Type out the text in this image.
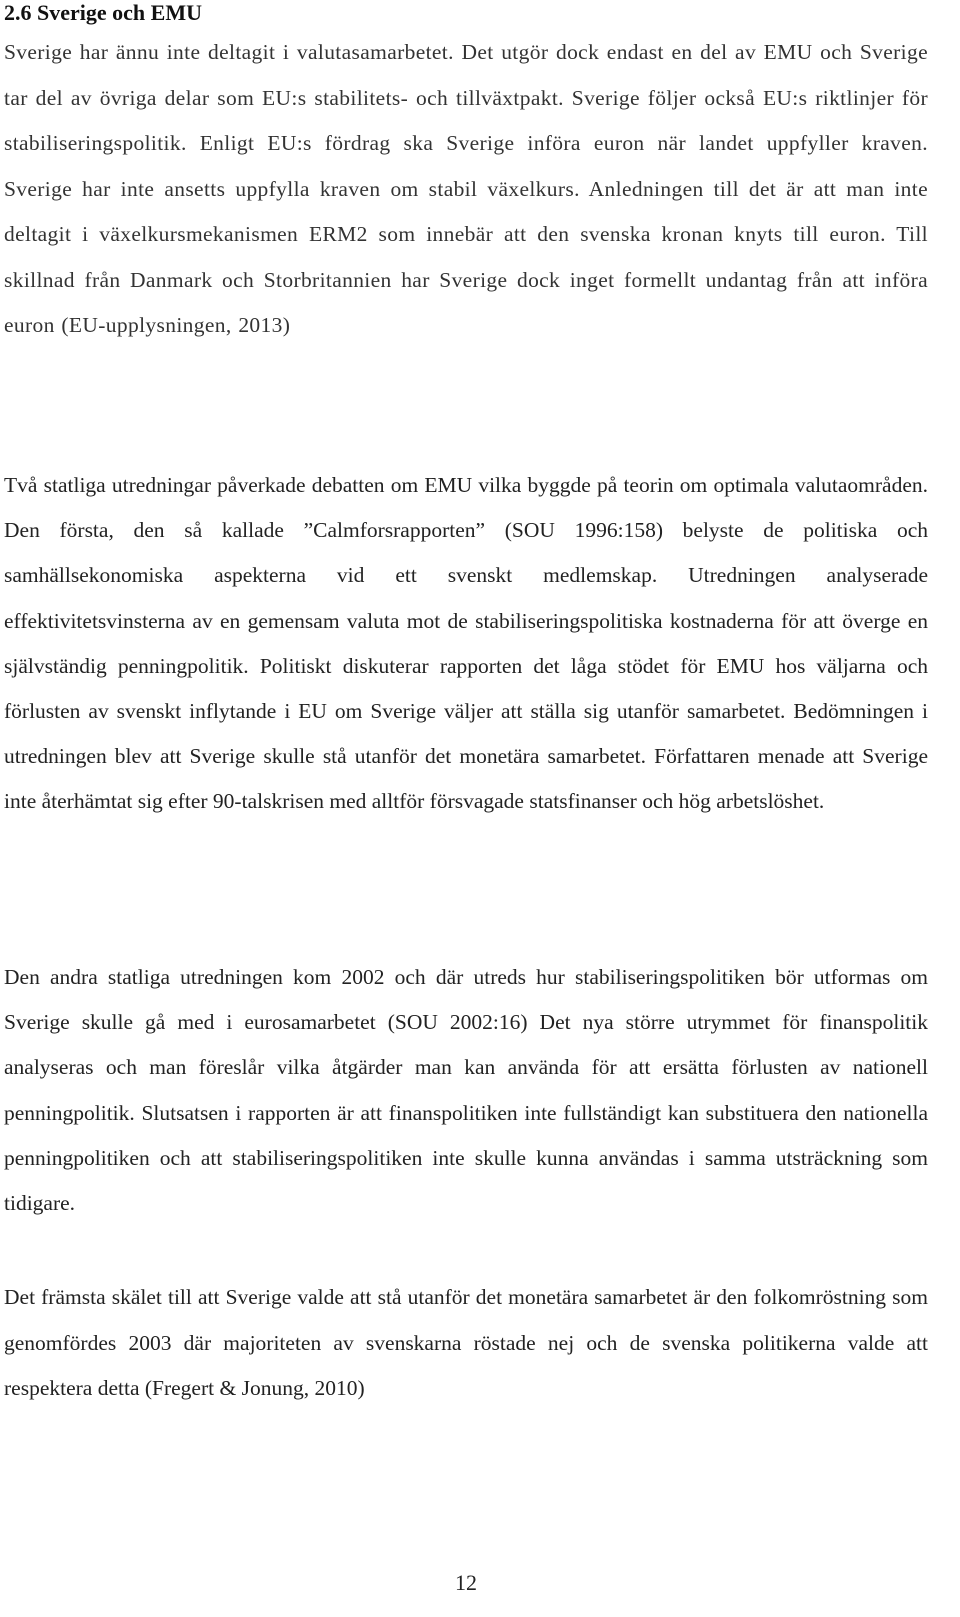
2.6 Sverige och EMU

Sverige har ännu inte deltagit i valutasamarbetet. Det utgör dock endast en del av EMU och Sverige tar del av övriga delar som EU:s stabilitets- och tillväxtpakt. Sverige följer också EU:s riktlinjer för stabiliseringspolitik. Enligt EU:s fördrag ska Sverige införa euron när landet uppfyller kraven. Sverige har inte ansetts uppfylla kraven om stabil växelkurs. Anledningen till det är att man inte deltagit i växelkursmekanismen ERM2 som innebär att den svenska kronan knyts till euron. Till skillnad från Danmark och Storbritannien har Sverige dock inget formellt undantag från att införa euron (EU-upplysningen, 2013)

Två statliga utredningar påverkade debatten om EMU vilka byggde på teorin om optimala valutaområden. Den första, den så kallade ”Calmforsrapporten” (SOU 1996:158) belyste de politiska och samhällsekonomiska aspekterna vid ett svenskt medlemskap. Utredningen analyserade effektivitetsvinsterna av en gemensam valuta mot de stabiliseringspolitiska kostnaderna för att överge en självständig penningpolitik. Politiskt diskuterar rapporten det låga stödet för EMU hos väljarna och förlusten av svenskt inflytande i EU om Sverige väljer att ställa sig utanför samarbetet. Bedömningen i utredningen blev att Sverige skulle stå utanför det monetära samarbetet. Författaren menade att Sverige inte återhämtat sig efter 90-talskrisen med alltför försvagade statsfinanser och hög arbetslöshet.

Den andra statliga utredningen kom 2002 och där utreds hur stabiliseringspolitiken bör utformas om Sverige skulle gå med i eurosamarbetet (SOU 2002:16) Det nya större utrymmet för finanspolitik analyseras och man föreslår vilka åtgärder man kan använda för att ersätta förlusten av nationell penningpolitik. Slutsatsen i rapporten är att finanspolitiken inte fullständigt kan substituera den nationella penningpolitiken och att stabiliseringspolitiken inte skulle kunna användas i samma utsträckning som tidigare.

Det främsta skälet till att Sverige valde att stå utanför det monetära samarbetet är den folkomröstning som genomfördes 2003 där majoriteten av svenskarna röstade nej och de svenska politikerna valde att respektera detta (Fregert & Jonung, 2010)

12
